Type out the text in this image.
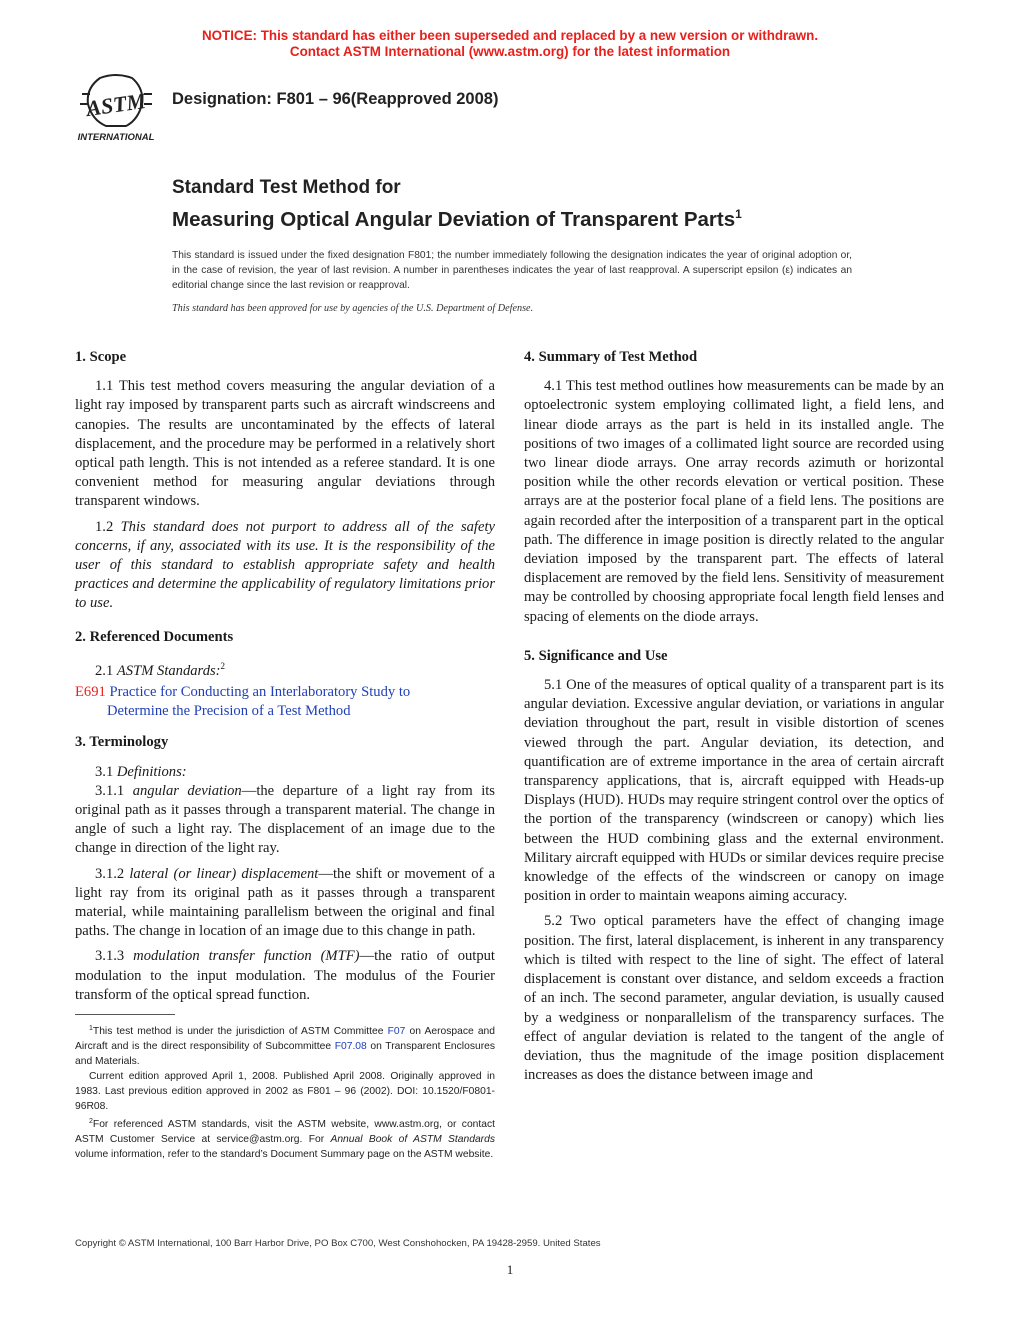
NOTICE: This standard has either been superseded and replaced by a new version or withdrawn.
Contact ASTM International (www.astm.org) for the latest information
ASTM
INTERNATIONAL
Designation: F801 – 96(Reapproved 2008)
Standard Test Method for
Measuring Optical Angular Deviation of Transparent Parts$^1$
This standard is issued under the fixed designation F801; the number immediately following the designation indicates the year of original adoption or, in the case of revision, the year of last revision. A number in parentheses indicates the year of last reapproval. A superscript epsilon (ε) indicates an editorial change since the last revision or reapproval.
This standard has been approved for use by agencies of the U.S. Department of Defense.
1. Scope

1.1 This test method covers measuring the angular deviation of a light ray imposed by transparent parts such as aircraft windscreens and canopies. The results are uncontaminated by the effects of lateral displacement, and the procedure may be performed in a relatively short optical path length. This is not intended as a referee standard. It is one convenient method for measuring angular deviations through transparent windows.

1.2 This standard does not purport to address all of the safety concerns, if any, associated with its use. It is the responsibility of the user of this standard to establish appropriate safety and health practices and determine the applicability of regulatory limitations prior to use.

2. Referenced Documents

2.1 ASTM Standards:$^2$

E691 Practice for Conducting an Interlaboratory Study to
Determine the Precision of a Test Method
3. Terminology

3.1 Definitions:

3.1.1 angular deviation—the departure of a light ray from its original path as it passes through a transparent material. The change in angle of such a light ray. The displacement of an image due to the change in direction of the light ray.

3.1.2 lateral (or linear) displacement—the shift or movement of a light ray from its original path as it passes through a transparent material, while maintaining parallelism between the original and final paths. The change in location of an image due to this change in path.

3.1.3 modulation transfer function (MTF)—the ratio of output modulation to the input modulation. The modulus of the Fourier transform of the optical spread function.

4. Summary of Test Method

4.1 This test method outlines how measurements can be made by an optoelectronic system employing collimated light, a field lens, and linear diode arrays as the part is held in its installed angle. The positions of two images of a collimated light source are recorded using two linear diode arrays. One array records azimuth or horizontal position while the other records elevation or vertical position. These arrays are at the posterior focal plane of a field lens. The positions are again recorded after the interposition of a transparent part in the optical path. The difference in image position is directly related to the angular deviation imposed by the transparent part. The effects of lateral displacement are removed by the field lens. Sensitivity of measurement may be controlled by choosing appropriate focal length field lenses and spacing of elements on the diode arrays.

5. Significance and Use

5.1 One of the measures of optical quality of a transparent part is its angular deviation. Excessive angular deviation, or variations in angular deviation throughout the part, result in visible distortion of scenes viewed through the part. Angular deviation, its detection, and quantification are of extreme importance in the area of certain aircraft transparency applications, that is, aircraft equipped with Heads-up Displays (HUD). HUDs may require stringent control over the optics of the portion of the transparency (windscreen or canopy) which lies between the HUD combining glass and the external environment. Military aircraft equipped with HUDs or similar devices require precise knowledge of the effects of the windscreen or canopy on image position in order to maintain weapons aiming accuracy.

5.2 Two optical parameters have the effect of changing image position. The first, lateral displacement, is inherent in any transparency which is tilted with respect to the line of sight. The effect of lateral displacement is constant over distance, and seldom exceeds a fraction of an inch. The second parameter, angular deviation, is usually caused by a wedginess or nonparallelism of the transparency surfaces. The effect of angular deviation is related to the tangent of the angle of deviation, thus the magnitude of the image position displacement increases as does the distance between image and

$^1$This test method is under the jurisdiction of ASTM Committee F07 on Aerospace and Aircraft and is the direct responsibility of Subcommittee F07.08 on Transparent Enclosures and Materials.

Current edition approved April 1, 2008. Published April 2008. Originally approved in 1983. Last previous edition approved in 2002 as F801 – 96 (2002). DOI: 10.1520/F0801-96R08.

$^2$For referenced ASTM standards, visit the ASTM website, www.astm.org, or contact ASTM Customer Service at service@astm.org. For Annual Book of ASTM Standards volume information, refer to the standard’s Document Summary page on the ASTM website.

Copyright © ASTM International, 100 Barr Harbor Drive, PO Box C700, West Conshohocken, PA 19428-2959. United States
1
